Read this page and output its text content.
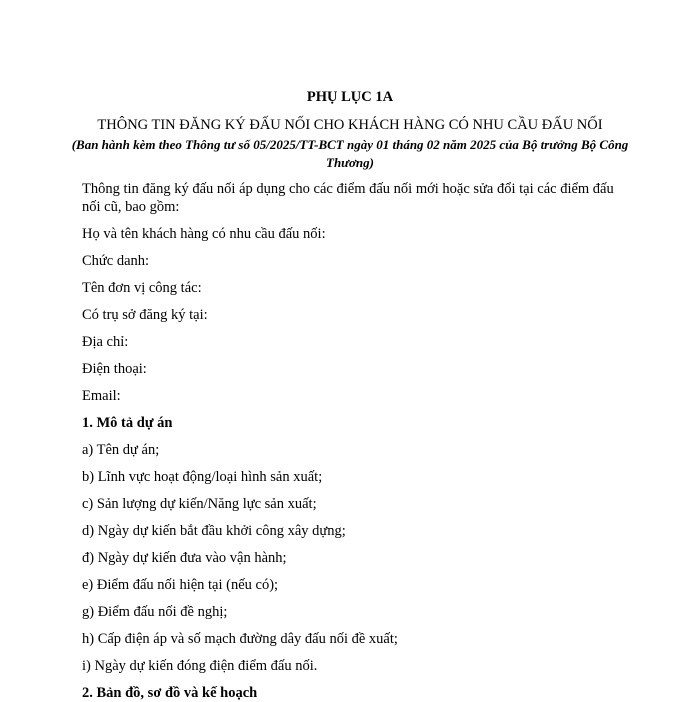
PHỤ LỤC 1A
THÔNG TIN ĐĂNG KÝ ĐẤU NỐI CHO KHÁCH HÀNG CÓ NHU CẦU ĐẤU NỐI
(Ban hành kèm theo Thông tư số 05/2025/TT-BCT ngày 01 tháng 02 năm 2025 của Bộ trưởng Bộ Công Thương)
Thông tin đăng ký đấu nối áp dụng cho các điểm đấu nối mới hoặc sửa đổi tại các điểm đấu nối cũ, bao gồm:
Họ và tên khách hàng có nhu cầu đấu nối:
Chức danh:
Tên đơn vị công tác:
Có trụ sở đăng ký tại:
Địa chỉ:
Điện thoại:
Email:
1. Mô tả dự án
a) Tên dự án;
b) Lĩnh vực hoạt động/loại hình sản xuất;
c) Sản lượng dự kiến/Năng lực sản xuất;
d) Ngày dự kiến bắt đầu khởi công xây dựng;
đ) Ngày dự kiến đưa vào vận hành;
e) Điểm đấu nối hiện tại (nếu có);
g) Điểm đấu nối đề nghị;
h) Cấp điện áp và số mạch đường dây đấu nối đề xuất;
i) Ngày dự kiến đóng điện điểm đấu nối.
2. Bản đồ, sơ đồ và kế hoạch
